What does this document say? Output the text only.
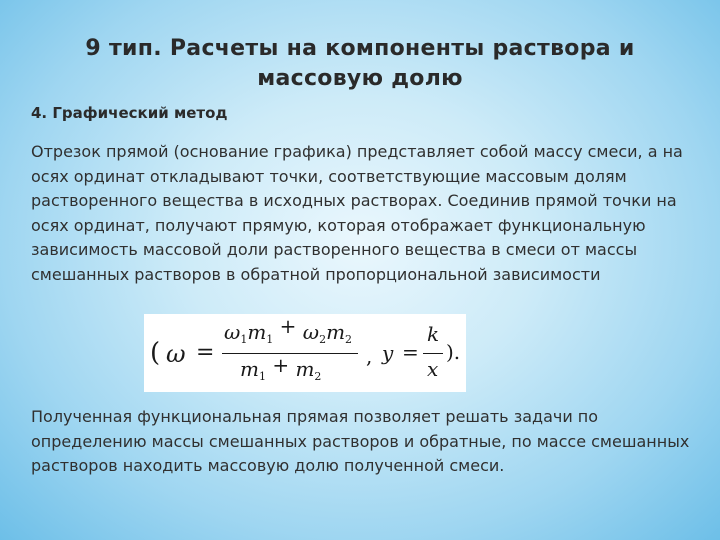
9 тип. Расчеты на компоненты раствора и массовую долю
4. Графический метод
Отрезок прямой (основание графика) представляет собой массу смеси, а на осях ординат откладывают точки, соответствующие массовым долям растворенного вещества в исходных растворах. Соединив прямой точки на осях ординат, получают прямую, которая отображает функциональную зависимость массовой доли растворенного вещества в смеси от массы смешанных растворов в обратной пропорциональной зависимости
( ω =
$\omega_1m_1 + \omega_2m_2$
$m_1 + m_2$
, y =
k
x
).
Полученная функциональная прямая позволяет решать задачи по определению массы смешанных растворов и обратные, по массе смешанных растворов находить массовую долю полученной смеси.
